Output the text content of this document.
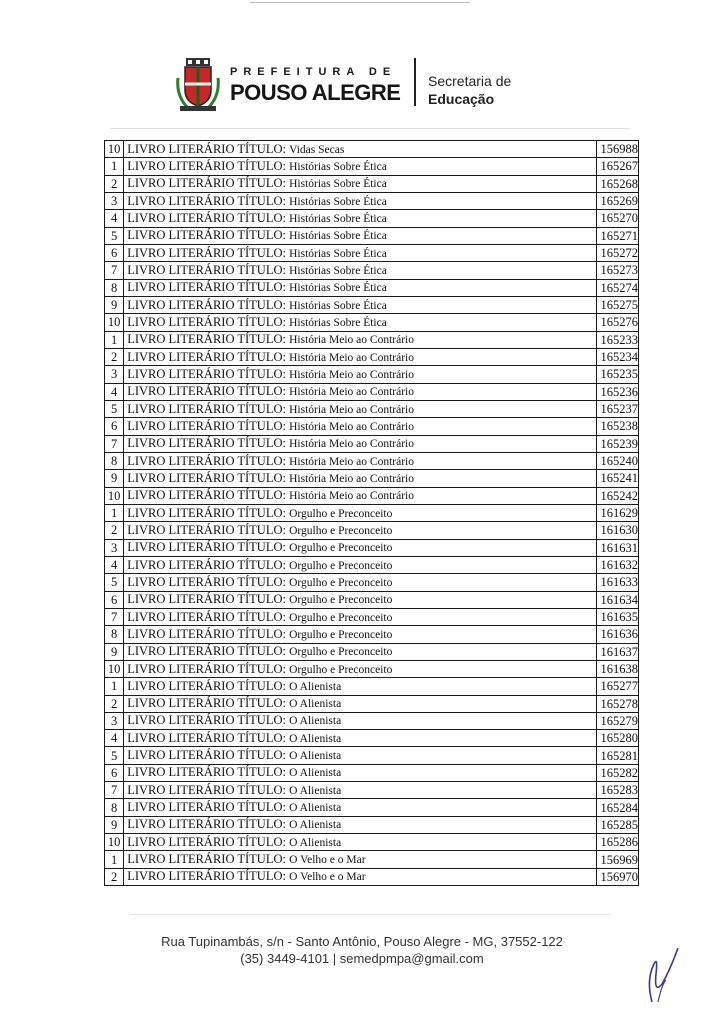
PREFEITURA DE
POUSO ALEGRE Secretaria de
Educação
10	LIVRO LITERÁRIO TÍTULO: Vidas Secas	156988
1	LIVRO LITERÁRIO TÍTULO: Histórias Sobre Ética	165267
2	LIVRO LITERÁRIO TÍTULO: Histórias Sobre Ética	165268
3	LIVRO LITERÁRIO TÍTULO: Histórias Sobre Ética	165269
4	LIVRO LITERÁRIO TÍTULO: Histórias Sobre Ética	165270
5	LIVRO LITERÁRIO TÍTULO: Histórias Sobre Ética	165271
6	LIVRO LITERÁRIO TÍTULO: Histórias Sobre Ética	165272
7	LIVRO LITERÁRIO TÍTULO: Histórias Sobre Ética	165273
8	LIVRO LITERÁRIO TÍTULO: Histórias Sobre Ética	165274
9	LIVRO LITERÁRIO TÍTULO: Histórias Sobre Ética	165275
10	LIVRO LITERÁRIO TÍTULO: Histórias Sobre Ética	165276
1	LIVRO LITERÁRIO TÍTULO: História Meio ao Contrário	165233
2	LIVRO LITERÁRIO TÍTULO: História Meio ao Contrário	165234
3	LIVRO LITERÁRIO TÍTULO: História Meio ao Contrário	165235
4	LIVRO LITERÁRIO TÍTULO: História Meio ao Contrário	165236
5	LIVRO LITERÁRIO TÍTULO: História Meio ao Contrário	165237
6	LIVRO LITERÁRIO TÍTULO: História Meio ao Contrário	165238
7	LIVRO LITERÁRIO TÍTULO: História Meio ao Contrário	165239
8	LIVRO LITERÁRIO TÍTULO: História Meio ao Contrário	165240
9	LIVRO LITERÁRIO TÍTULO: História Meio ao Contrário	165241
10	LIVRO LITERÁRIO TÍTULO: História Meio ao Contrário	165242
1	LIVRO LITERÁRIO TÍTULO: Orgulho e Preconceito	161629
2	LIVRO LITERÁRIO TÍTULO: Orgulho e Preconceito	161630
3	LIVRO LITERÁRIO TÍTULO: Orgulho e Preconceito	161631
4	LIVRO LITERÁRIO TÍTULO: Orgulho e Preconceito	161632
5	LIVRO LITERÁRIO TÍTULO: Orgulho e Preconceito	161633
6	LIVRO LITERÁRIO TÍTULO: Orgulho e Preconceito	161634
7	LIVRO LITERÁRIO TÍTULO: Orgulho e Preconceito	161635
8	LIVRO LITERÁRIO TÍTULO: Orgulho e Preconceito	161636
9	LIVRO LITERÁRIO TÍTULO: Orgulho e Preconceito	161637
10	LIVRO LITERÁRIO TÍTULO: Orgulho e Preconceito	161638
1	LIVRO LITERÁRIO TÍTULO: O Alienista	165277
2	LIVRO LITERÁRIO TÍTULO: O Alienista	165278
3	LIVRO LITERÁRIO TÍTULO: O Alienista	165279
4	LIVRO LITERÁRIO TÍTULO: O Alienista	165280
5	LIVRO LITERÁRIO TÍTULO: O Alienista	165281
6	LIVRO LITERÁRIO TÍTULO: O Alienista	165282
7	LIVRO LITERÁRIO TÍTULO: O Alienista	165283
8	LIVRO LITERÁRIO TÍTULO: O Alienista	165284
9	LIVRO LITERÁRIO TÍTULO: O Alienista	165285
10	LIVRO LITERÁRIO TÍTULO: O Alienista	165286
1	LIVRO LITERÁRIO TÍTULO: O Velho e o Mar	156969
2	LIVRO LITERÁRIO TÍTULO: O Velho e o Mar	156970
Rua Tupinambás, s/n - Santo Antônio, Pouso Alegre - MG, 37552-122
(35) 3449-4101 | semedpmpa@gmail.com
